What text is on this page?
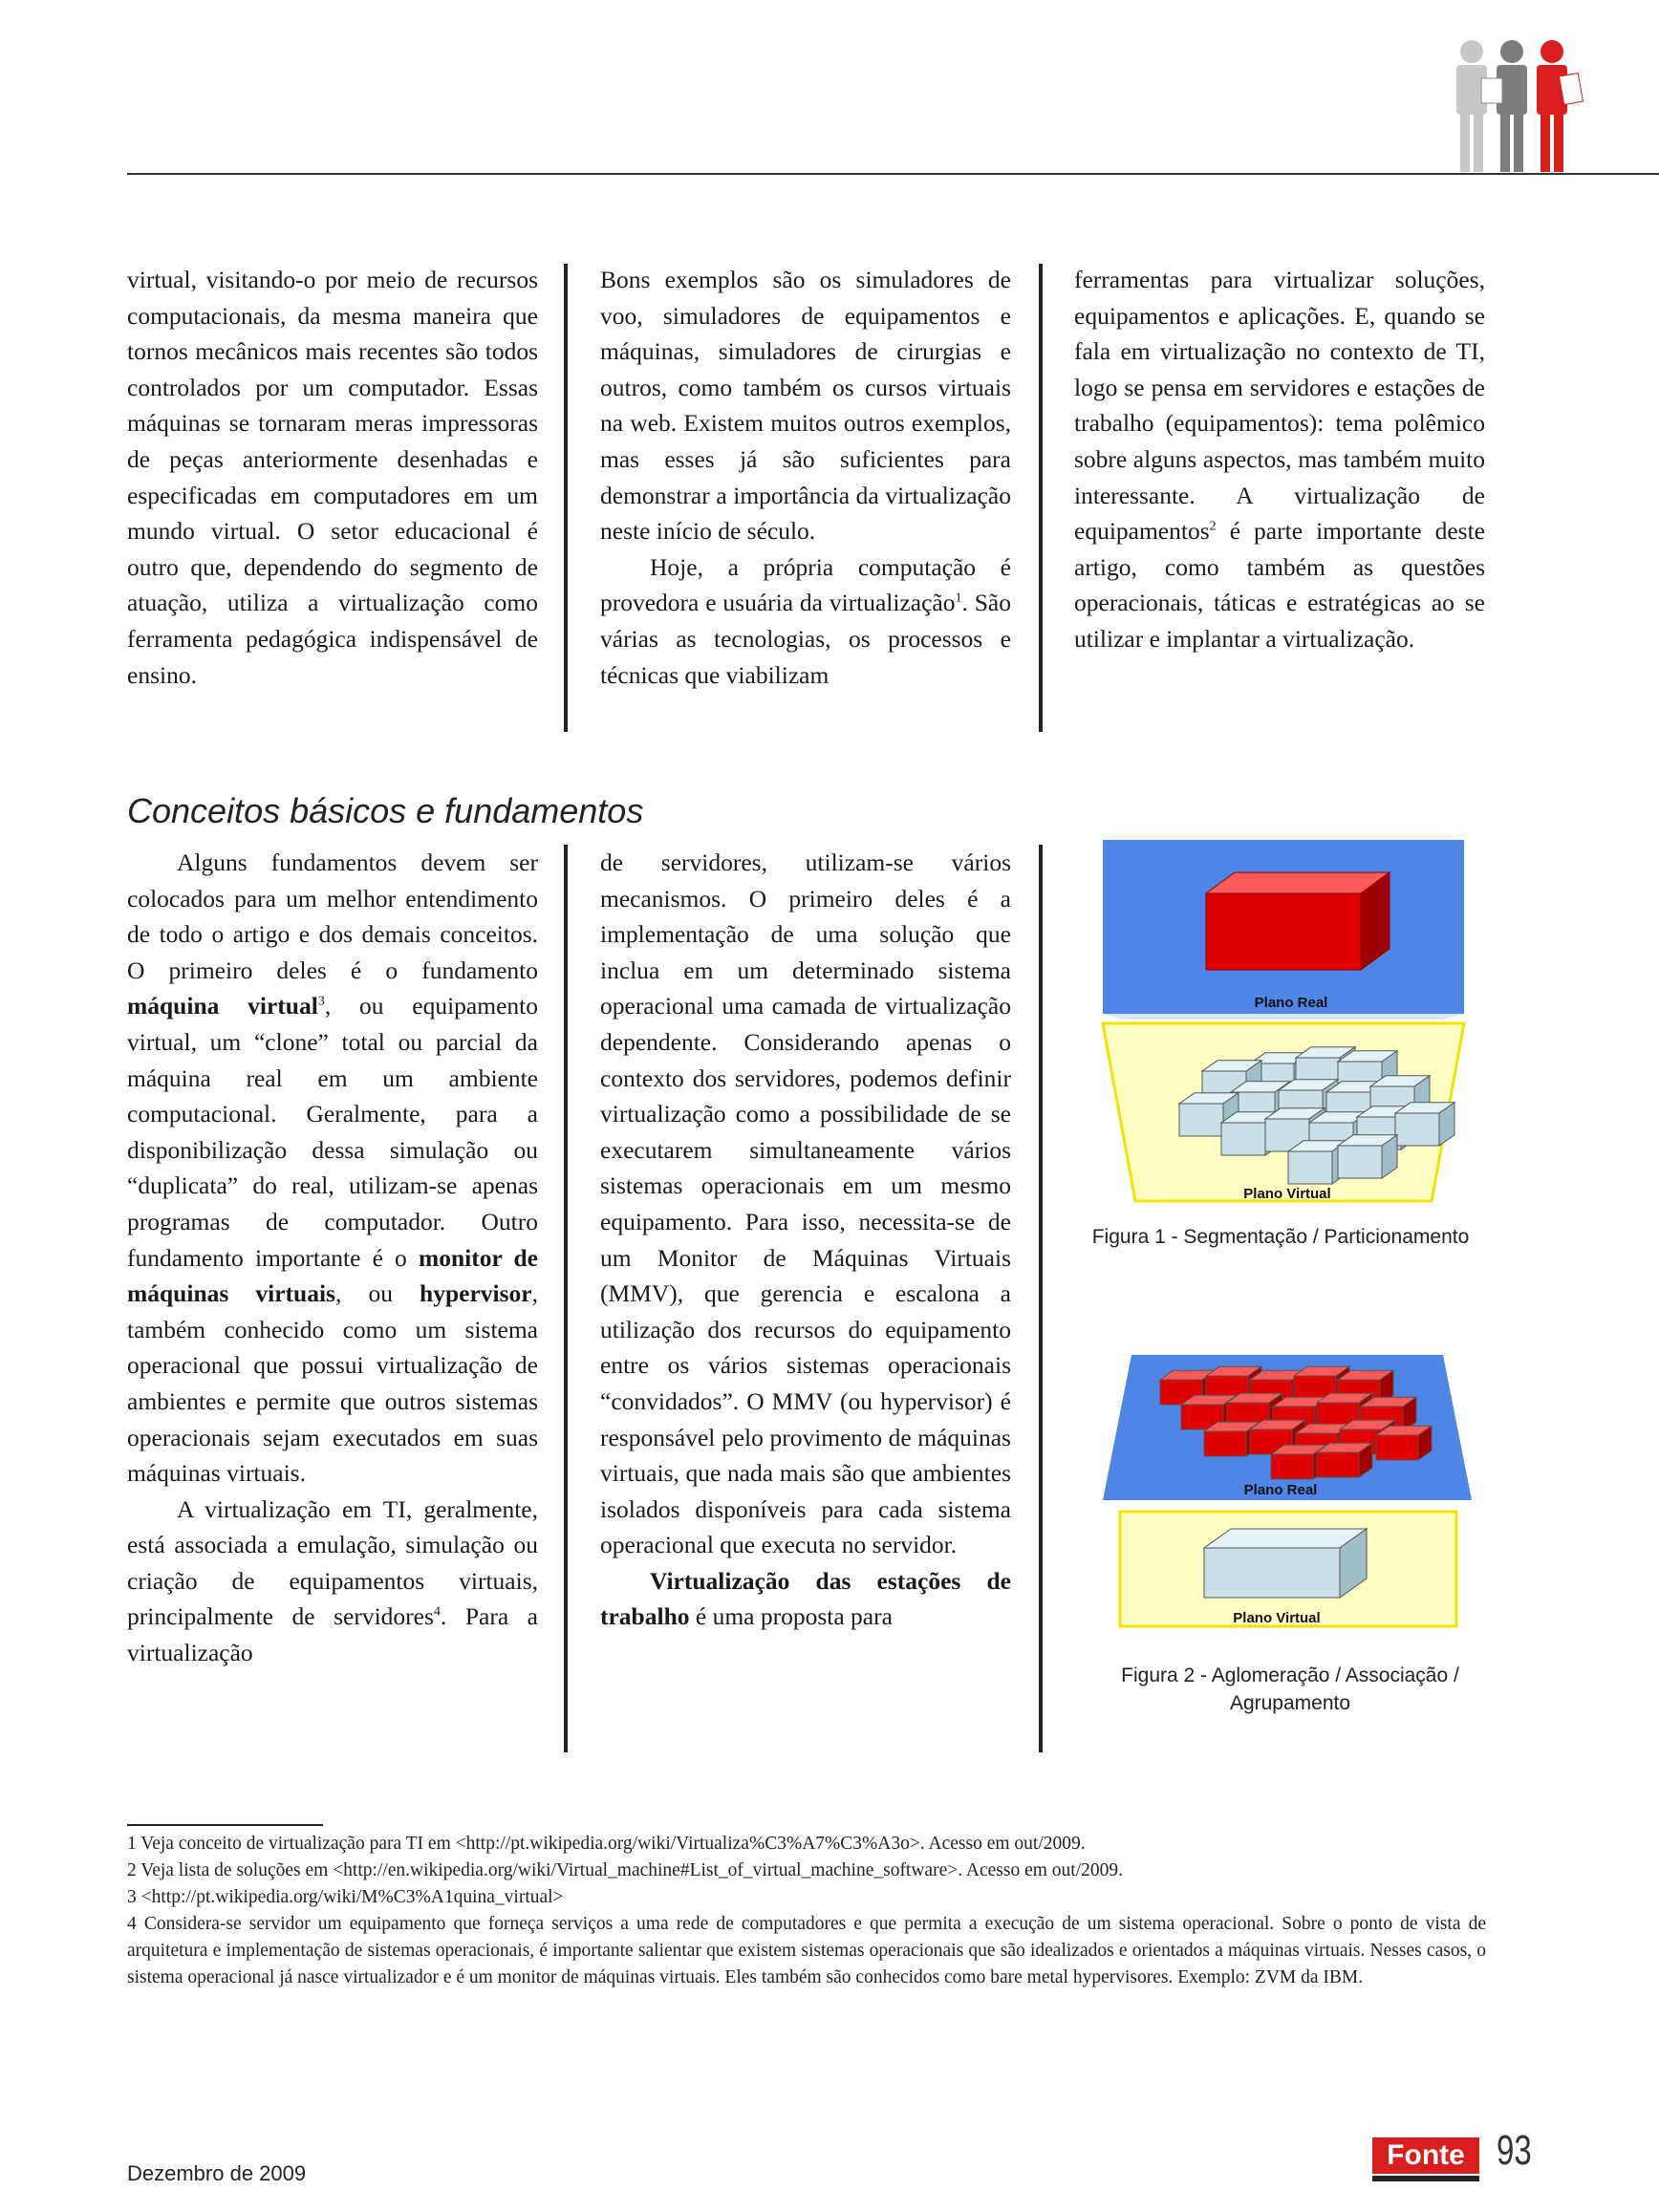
virtual, visitando-o por meio de recursos computacionais, da mesma maneira que tornos mecânicos mais recentes são todos controlados por um computador. Essas máquinas se tornaram meras impressoras de peças anteriormente desenhadas e especificadas em computadores em um mundo virtual. O setor educacional é outro que, dependendo do segmento de atuação, utiliza a virtualização como ferramenta pedagógica indispensável de ensino.

Bons exemplos são os simuladores de voo, simuladores de equipamentos e máquinas, simuladores de cirurgias e outros, como também os cursos virtuais na web. Existem muitos outros exemplos, mas esses já são suficientes para demonstrar a importância da virtualização neste início de século.

Hoje, a própria computação é provedora e usuária da virtualização$^1$. São várias as tecnologias, os processos e técnicas que viabilizam

ferramentas para virtualizar soluções, equipamentos e aplicações. E, quando se fala em virtualização no contexto de TI, logo se pensa em servidores e estações de trabalho (equipamentos): tema polêmico sobre alguns aspectos, mas também muito interessante. A virtualização de equipamentos$^2$ é parte importante deste artigo, como também as questões operacionais, táticas e estratégicas ao se utilizar e implantar a virtualização.

Conceitos básicos e fundamentos

Alguns fundamentos devem ser colocados para um melhor entendimento de todo o artigo e dos demais conceitos. O primeiro deles é o fundamento máquina virtual$^3$, ou equipamento virtual, um “clone” total ou parcial da máquina real em um ambiente computacional. Geralmente, para a disponibilização dessa simulação ou “duplicata” do real, utilizam-se apenas programas de computador. Outro fundamento importante é o monitor de máquinas virtuais, ou hypervisor, também conhecido como um sistema operacional que possui virtualização de ambientes e permite que outros sistemas operacionais sejam executados em suas máquinas virtuais.

A virtualização em TI, geralmente, está associada a emulação, simulação ou criação de equipamentos virtuais, principalmente de servidores$^4$. Para a virtualização

de servidores, utilizam-se vários mecanismos. O primeiro deles é a implementação de uma solução que inclua em um determinado sistema operacional uma camada de virtualização dependente. Considerando apenas o contexto dos servidores, podemos definir virtualização como a possibilidade de se executarem simultaneamente vários sistemas operacionais em um mesmo equipamento. Para isso, necessita-se de um Monitor de Máquinas Virtuais (MMV), que gerencia e escalona a utilização dos recursos do equipamento entre os vários sistemas operacionais “convidados”. O MMV (ou hypervisor) é responsável pelo provimento de máquinas virtuais, que nada mais são que ambientes isolados disponíveis para cada sistema operacional que executa no servidor.

Virtualização das estações de trabalho é uma proposta para

Plano Real
Plano Virtual
Figura 1 - Segmentação / Particionamento
Plano Real
Plano Virtual
Figura 2 - Aglomeração / Associação /
Agrupamento

1 Veja conceito de virtualização para TI em <http://pt.wikipedia.org/wiki/Virtualiza%C3%A7%C3%A3o>. Acesso em out/2009.

2 Veja lista de soluções em <http://en.wikipedia.org/wiki/Virtual_machine#List_of_virtual_machine_software>. Acesso em out/2009.

3 <http://pt.wikipedia.org/wiki/M%C3%A1quina_virtual>

4 Considera-se servidor um equipamento que forneça serviços a uma rede de computadores e que permita a execução de um sistema operacional. Sobre o ponto de vista de arquitetura e implementação de sistemas operacionais, é importante salientar que existem sistemas operacionais que são idealizados e orientados a máquinas virtuais. Nesses casos, o sistema operacional já nasce virtualizador e é um monitor de máquinas virtuais. Eles também são conhecidos como bare metal hypervisores. Exemplo: ZVM da IBM.

Dezembro de 2009
Fonte 93
